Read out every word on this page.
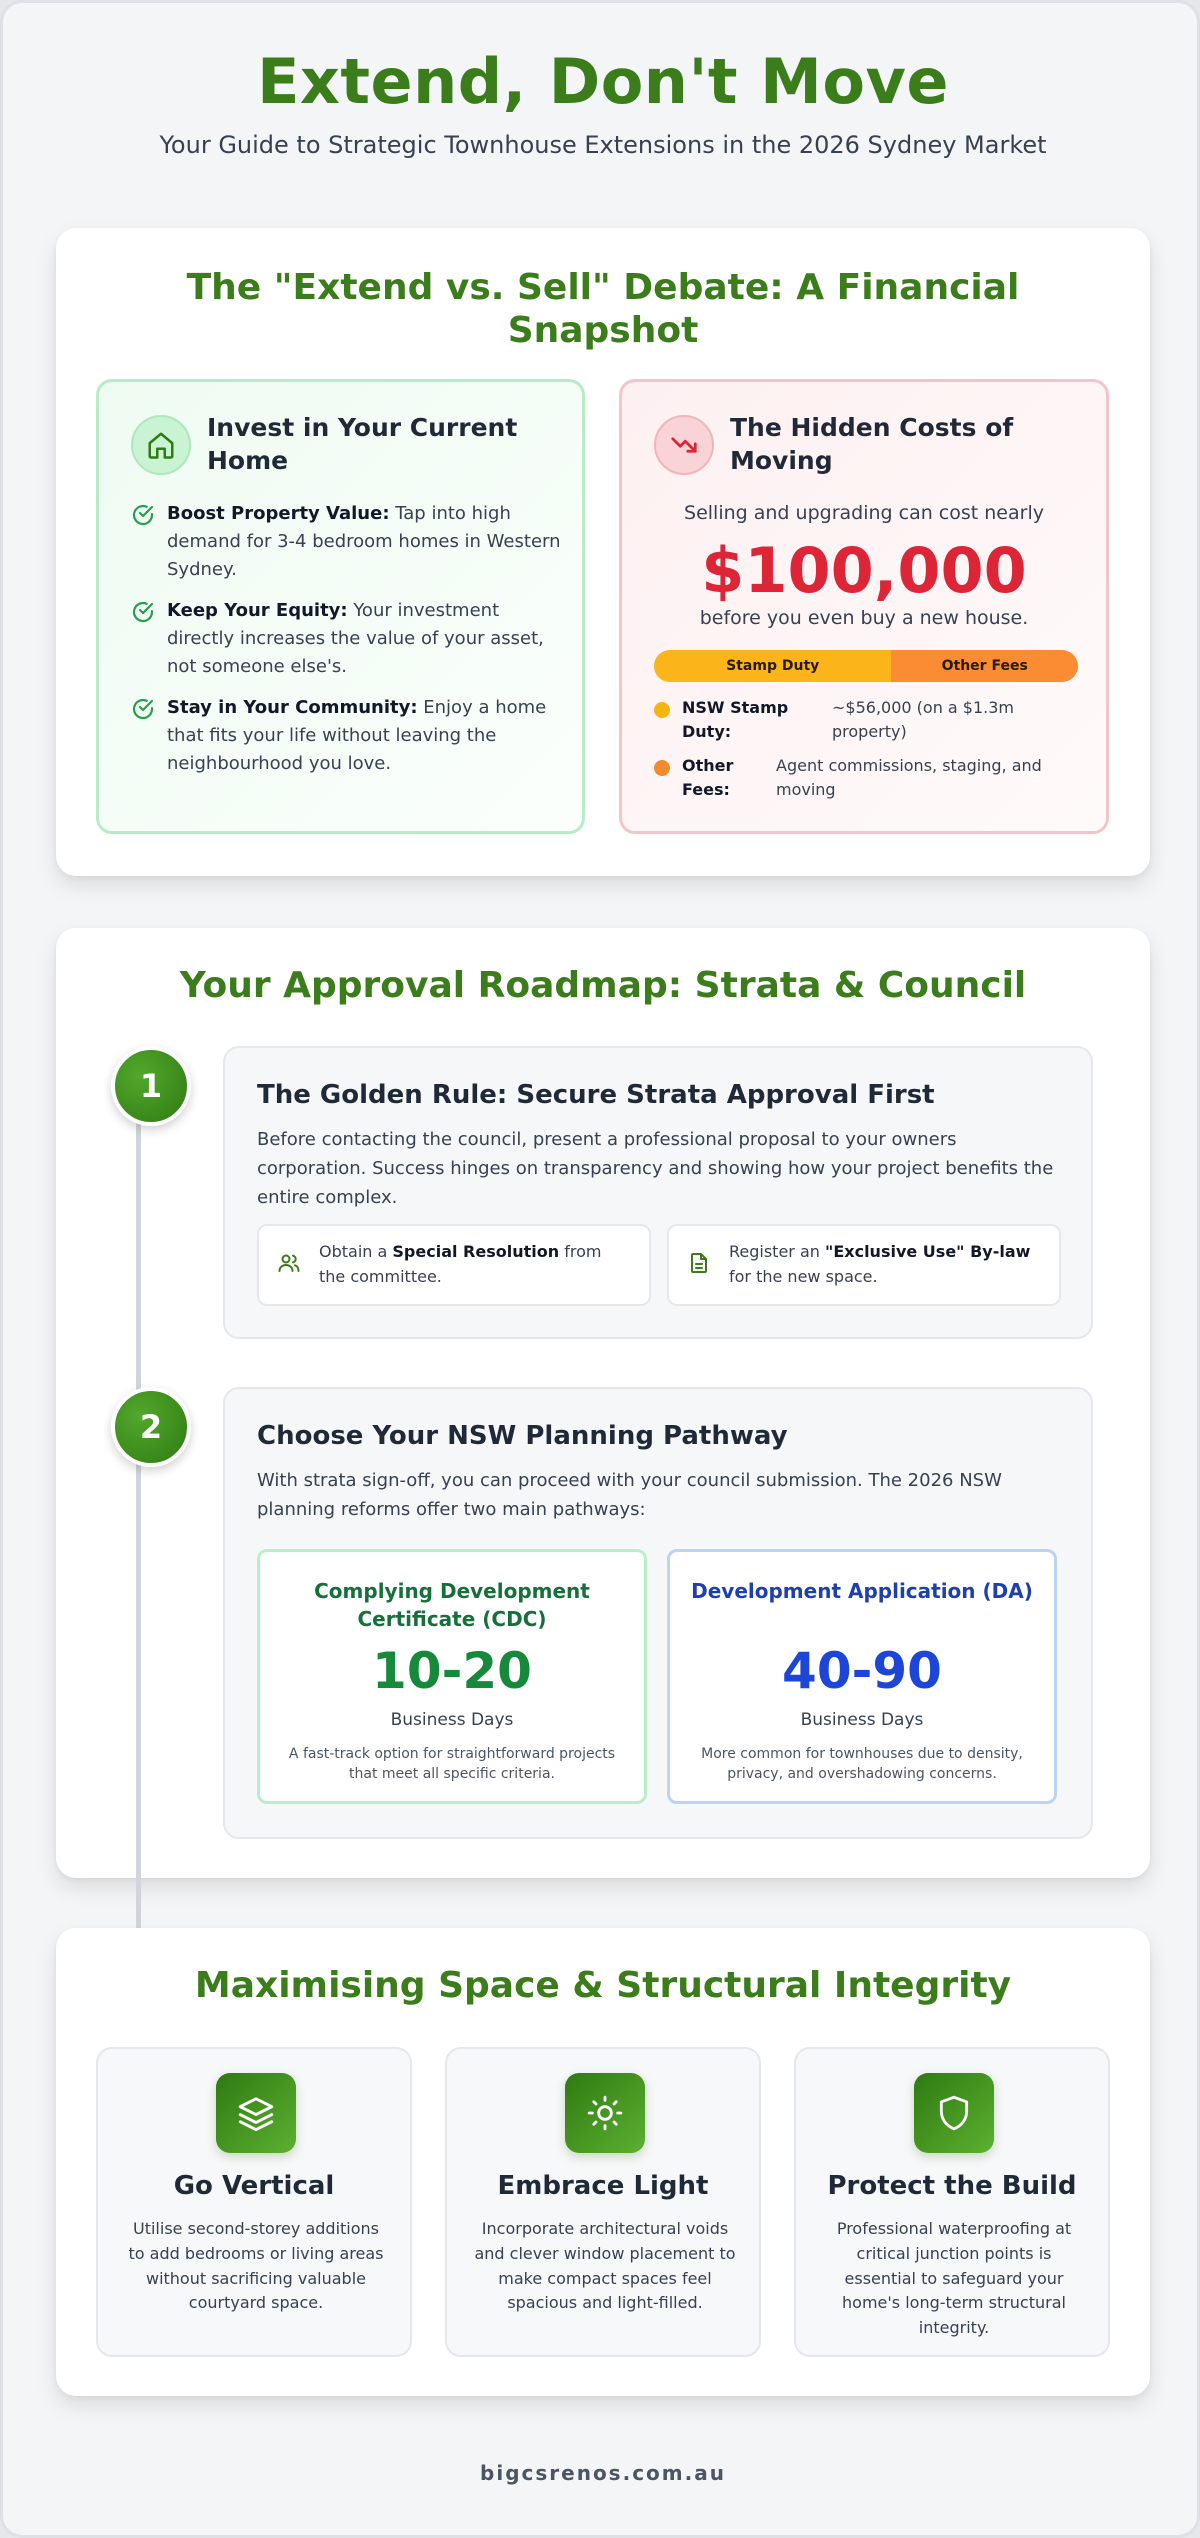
Extend, Don't Move
Your Guide to Strategic Townhouse Extensions in the 2026 Sydney Market
The "Extend vs. Sell" Debate: A Financial Snapshot
Invest in Your Current Home

Boost Property Value: Tap into high demand for 3-4 bedroom homes in Western Sydney.

Keep Your Equity: Your investment directly increases the value of your asset, not someone else's.

Stay in Your Community: Enjoy a home that fits your life without leaving the neighbourhood you love.

The Hidden Costs of Moving
Selling and upgrading can cost nearly
$100,000
before you even buy a new house.
Stamp Duty	Other Fees
NSW Stamp Duty:
~$56,000 (on a $1.3m property)
Other Fees:
Agent commissions, staging, and moving
Your Approval Roadmap: Strata & Council
1	The Golden Rule: Secure Strata Approval First
Before contacting the council, present a professional proposal to your owners corporation. Success hinges on transparency and showing how your project benefits the entire complex.

Obtain a Special Resolution from the committee.

Register an "Exclusive Use" By-law for the new space.

2	Choose Your NSW Planning Pathway
With strata sign-off, you can proceed with your council submission. The 2026 NSW planning reforms offer two main pathways:
Complying Development Certificate (CDC)
10-20
Business Days
A fast-track option for straightforward projects that meet all specific criteria.
Development Application (DA)
40-90
Business Days
More common for townhouses due to density, privacy, and overshadowing concerns.
Maximising Space & Structural Integrity
Go Vertical
Utilise second-storey additions to add bedrooms or living areas without sacrificing valuable courtyard space.
Embrace Light
Incorporate architectural voids and clever window placement to make compact spaces feel spacious and light-filled.
Protect the Build
Professional waterproofing at critical junction points is essential to safeguard your home's long-term structural integrity.
bigcsrenos.com.au
